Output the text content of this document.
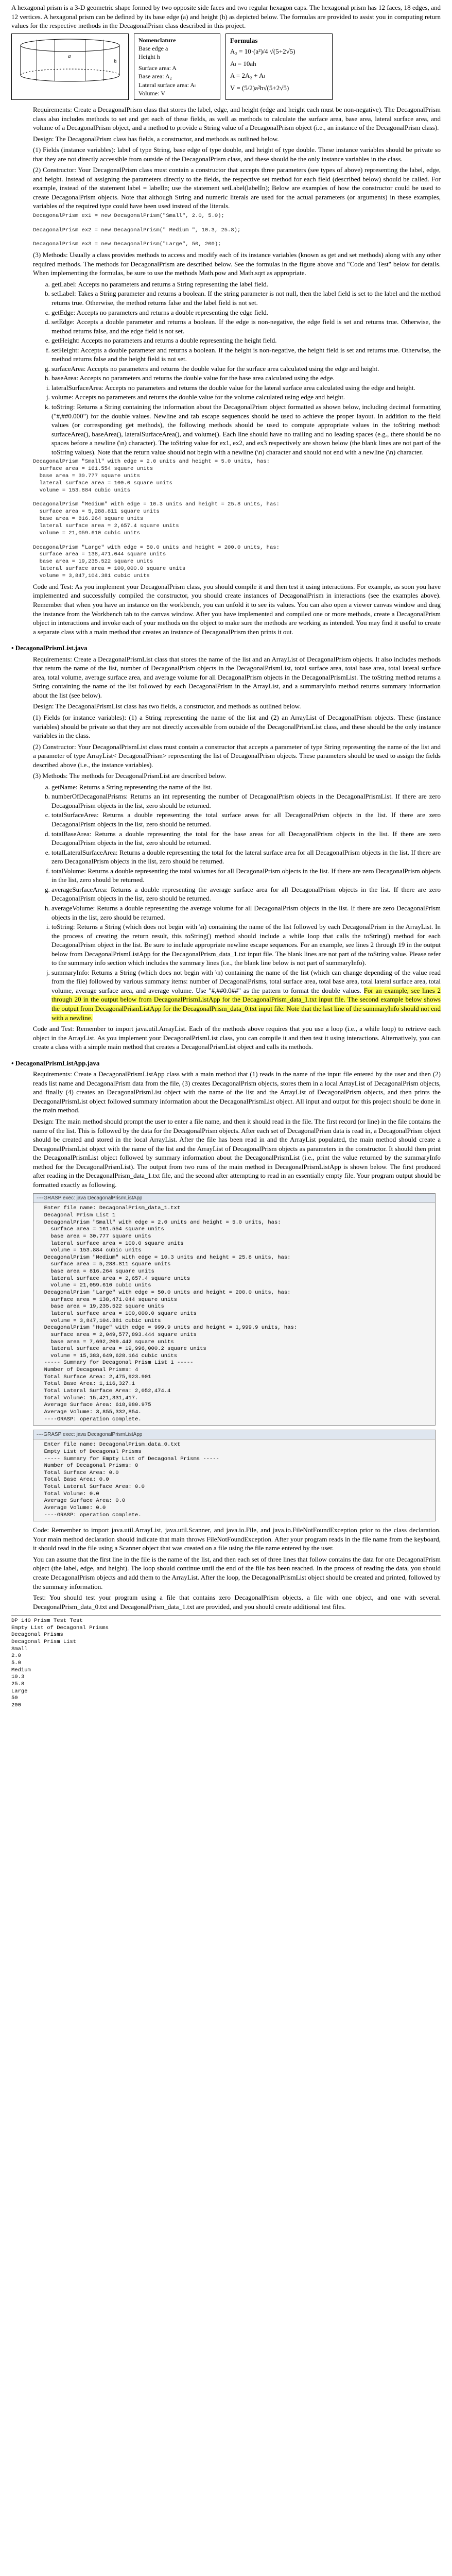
A hexagonal prism is a 3-D geometric shape formed by two opposite side faces and two regular hexagon caps. The hexagonal prism has 12 faces, 18 edges, and 12 vertices. A hexagonal prism can be defined by its base edge (a) and height (h) as depicted below. The formulas are provided to assist you in computing return values for the respective methods in the DecagonalPrism class described in this project.

a
h
Nomenclature
Base edge a
Height h
Surface area: A
Base area: A₂
Lateral surface area: Aₗ
Volume: V
Formulas
A₂ = 10·(a²)/4 √(5+2√5)
Aₗ = 10ah
A = 2A₂ + Aₗ
V = (5/2)a²h√(5+2√5)

Requirements: Create a DecagonalPrism class that stores the label, edge, and height (edge and height each must be non-negative). The DecagonalPrism class also includes methods to set and get each of these fields, as well as methods to calculate the surface area, base area, lateral surface area, and volume of a DecagonalPrism object, and a method to provide a String value of a DecagonalPrism object (i.e., an instance of the DecagonalPrism class).

Design: The DecagonalPrism class has fields, a constructor, and methods as outlined below.

(1) Fields (instance variables): label of type String, base edge of type double, and height of type double. These instance variables should be private so that they are not directly accessible from outside of the DecagonalPrism class, and these should be the only instance variables in the class.

(2) Constructor: Your DecagonalPrism class must contain a constructor that accepts three parameters (see types of above) representing the label, edge, and height. Instead of assigning the parameters directly to the fields, the respective set method for each field (described below) should be called. For example, instead of the statement label = labelIn; use the statement setLabel(labelIn); Below are examples of how the constructor could be used to create DecagonalPrism objects. Note that although String and numeric literals are used for the actual parameters (or arguments) in these examples, variables of the required type could have been used instead of the literals.

DecagonalPrism ex1 = new DecagonalPrism("Small", 2.0, 5.0);

DecagonalPrism ex2 = new DecagonalPrism(" Medium ", 10.3, 25.8);

DecagonalPrism ex3 = new DecagonalPrism("Large", 50, 200);

(3) Methods: Usually a class provides methods to access and modify each of its instance variables (known as get and set methods) along with any other required methods. The methods for DecagonalPrism are described below. See the formulas in the figure above and "Code and Test" below for details. When implementing the formulas, be sure to use the methods Math.pow and Math.sqrt as appropriate.

a. getLabel: Accepts no parameters and returns a String representing the label field.
b. setLabel: Takes a String parameter and returns a boolean. If the string parameter is not null, then the label field is set to the label and the method returns true. Otherwise, the method returns false and the label field is not set.
c. getEdge: Accepts no parameters and returns a double representing the edge field.
d. setEdge: Accepts a double parameter and returns a boolean. If the edge is non-negative, the edge field is set and returns true. Otherwise, the method returns false, and the edge field is not set.
e. getHeight: Accepts no parameters and returns a double representing the height field.
f. setHeight: Accepts a double parameter and returns a boolean. If the height is non-negative, the height field is set and returns true. Otherwise, the method returns false and the height field is not set.
g. surfaceArea: Accepts no parameters and returns the double value for the surface area calculated using the edge and height.
h. baseArea: Accepts no parameters and returns the double value for the base area calculated using the edge.
i. lateralSurfaceArea: Accepts no parameters and returns the double value for the lateral surface area calculated using the edge and height.
j. volume: Accepts no parameters and returns the double value for the volume calculated using edge and height.
k. toString: Returns a String containing the information about the DecagonalPrism object formatted as shown below, including decimal formatting ("#,##0.000") for the double values. Newline and tab escape sequences should be used to achieve the proper layout. In addition to the field values (or corresponding get methods), the following methods should be used to compute appropriate values in the toString method: surfaceArea(), baseArea(), lateralSurfaceArea(), and volume(). Each line should have no trailing and no leading spaces (e.g., there should be no spaces before a newline (\n) character). The toString value for ex1, ex2, and ex3 respectively are shown below (the blank lines are not part of the toString values). Note that the return value should not begin with a newline (\n) character and should not end with a newline (\n) character.
DecagonalPrism "Small" with edge = 2.0 units and height = 5.0 units, has:
surface area = 161.554 square units
base area = 30.777 square units
lateral surface area = 100.0 square units
volume = 153.884 cubic units

DecagonalPrism "Medium" with edge = 10.3 units and height = 25.8 units, has:
surface area = 5,288.811 square units
base area = 816.264 square units
lateral surface area = 2,657.4 square units
volume = 21,059.610 cubic units

DecagonalPrism "Large" with edge = 50.0 units and height = 200.0 units, has:
surface area = 138,471.044 square units
base area = 19,235.522 square units
lateral surface area = 100,000.0 square units
volume = 3,847,104.381 cubic units

Code and Test: As you implement your DecagonalPrism class, you should compile it and then test it using interactions. For example, as soon you have implemented and successfully compiled the constructor, you should create instances of DecagonalPrism in interactions (see the examples above). Remember that when you have an instance on the workbench, you can unfold it to see its values. You can also open a viewer canvas window and drag the instance from the Workbench tab to the canvas window. After you have implemented and compiled one or more methods, create a DecagonalPrism object in interactions and invoke each of your methods on the object to make sure the methods are working as intended. You may find it useful to create a separate class with a main method that creates an instance of DecagonalPrism then prints it out.

• DecagonalPrismList.java

Requirements: Create a DecagonalPrismList class that stores the name of the list and an ArrayList of DecagonalPrism objects. It also includes methods that return the name of the list, number of DecagonalPrism objects in the DecagonalPrismList, total surface area, total base area, total lateral surface area, total volume, average surface area, and average volume for all DecagonalPrism objects in the DecagonalPrismList. The toString method returns a String containing the name of the list followed by each DecagonalPrism in the ArrayList, and a summaryInfo method returns summary information about the list (see below).

Design: The DecagonalPrismList class has two fields, a constructor, and methods as outlined below.

(1) Fields (or instance variables): (1) a String representing the name of the list and (2) an ArrayList of DecagonalPrism objects. These (instance variables) should be private so that they are not directly accessible from outside of the DecagonalPrismList class, and these should be the only instance variables in the class.

(2) Constructor: Your DecagonalPrismList class must contain a constructor that accepts a parameter of type String representing the name of the list and a parameter of type ArrayList< DecagonalPrism> representing the list of DecagonalPrism objects. These parameters should be used to assign the fields described above (i.e., the instance variables).

(3) Methods: The methods for DecagonalPrismList are described below.

a. getName: Returns a String representing the name of the list.
b. numberOfDecagonalPrisms: Returns an int representing the number of DecagonalPrism objects in the DecagonalPrismList. If there are zero DecagonalPrism objects in the list, zero should be returned.
c. totalSurfaceArea: Returns a double representing the total surface areas for all DecagonalPrism objects in the list. If there are zero DecagonalPrism objects in the list, zero should be returned.
d. totalBaseArea: Returns a double representing the total for the base areas for all DecagonalPrism objects in the list. If there are zero DecagonalPrism objects in the list, zero should be returned.
e. totalLateralSurfaceArea: Returns a double representing the total for the lateral surface area for all DecagonalPrism objects in the list. If there are zero DecagonalPrism objects in the list, zero should be returned.
f. totalVolume: Returns a double representing the total volumes for all DecagonalPrism objects in the list. If there are zero DecagonalPrism objects in the list, zero should be returned.
g. averageSurfaceArea: Returns a double representing the average surface area for all DecagonalPrism objects in the list. If there are zero DecagonalPrism objects in the list, zero should be returned.
h. averageVolume: Returns a double representing the average volume for all DecagonalPrism objects in the list. If there are zero DecagonalPrism objects in the list, zero should be returned.
i. toString: Returns a String (which does not begin with \n) containing the name of the list followed by each DecagonalPrism in the ArrayList. In the process of creating the return result, this toString() method should include a while loop that calls the toString() method for each DecagonalPrism object in the list. Be sure to include appropriate newline escape sequences. For an example, see lines 2 through 19 in the output below from DecagonalPrismListApp for the DecagonalPrism_data_1.txt input file. The blank lines are not part of the toString value. Please refer to the summary info section which includes the summary lines (i.e., the blank line below is not part of summaryInfo).
j. summaryInfo: Returns a String (which does not begin with \n) containing the name of the list (which can change depending of the value read from the file) followed by various summary items: number of DecagonalPrisms, total surface area, total base area, total lateral surface area, total volume, average surface area, and average volume. Use "#,##0.0##" as the pattern to format the double values. For an example, see lines 2 through 20 in the output below from DecagonalPrismListApp for the DecagonalPrism_data_1.txt input file. The second example below shows the output from DecagonalPrismListApp for the DecagonalPrism_data_0.txt input file. Note that the last line of the summaryInfo should not end with a newline.

Code and Test: Remember to import java.util.ArrayList. Each of the methods above requires that you use a loop (i.e., a while loop) to retrieve each object in the ArrayList. As you implement your DecagonalPrismList class, you can compile it and then test it using interactions. Alternatively, you can create a class with a simple main method that creates a DecagonalPrismList object and calls its methods.

• DecagonalPrismListApp.java

Requirements: Create a DecagonalPrismListApp class with a main method that (1) reads in the name of the input file entered by the user and then (2) reads list name and DecagonalPrism data from the file, (3) creates DecagonalPrism objects, stores them in a local ArrayList of DecagonalPrism objects, and finally (4) creates an DecagonalPrismList object with the name of the list and the ArrayList of DecagonalPrism objects, and then prints the DecagonalPrismList object followed summary information about the DecagonalPrismList object. All input and output for this project should be done in the main method.

Design: The main method should prompt the user to enter a file name, and then it should read in the file. The first record (or line) in the file contains the name of the list. This is followed by the data for the DecagonalPrism objects. After each set of DecagonalPrism data is read in, a DecagonalPrism object should be created and stored in the local ArrayList. After the file has been read in and the ArrayList populated, the main method should create a DecagonalPrismList object with the name of the list and the ArrayList of DecagonalPrism objects as parameters in the constructor. It should then print the DecagonalPrismList object followed by summary information about the DecagonalPrismList (i.e., print the value returned by the summaryInfo method for the DecagonalPrismList). The output from two runs of the main method in DecagonalPrismListApp is shown below. The first produced after reading in the DecagonalPrism_data_1.txt file, and the second after attempting to read in an essentially empty file. Your program output should be formatted exactly as following.

----GRASP exec: java DecagonalPrismListApp
Enter file name: DecagonalPrism_data_1.txt
Decagonal Prism List 1
DecagonalPrism "Small" with edge = 2.0 units and height = 5.0 units, has:
surface area = 161.554 square units
base area = 30.777 square units
lateral surface area = 100.0 square units
volume = 153.884 cubic units
DecagonalPrism "Medium" with edge = 10.3 units and height = 25.8 units, has:
surface area = 5,288.811 square units
base area = 816.264 square units
lateral surface area = 2,657.4 square units
volume = 21,059.610 cubic units
DecagonalPrism "Large" with edge = 50.0 units and height = 200.0 units, has:
surface area = 138,471.044 square units
base area = 19,235.522 square units
lateral surface area = 100,000.0 square units
volume = 3,847,104.381 cubic units
DecagonalPrism "Huge" with edge = 999.9 units and height = 1,999.9 units, has:
surface area = 2,049,577,893.444 square units
base area = 7,692,209.442 square units
lateral surface area = 19,996,000.2 square units
volume = 15,383,649,628.164 cubic units
----- Summary for Decagonal Prism List 1 -----
Number of Decagonal Prisms: 4
Total Surface Area: 2,475,923.901
Total Base Area: 1,116,327.1
Total Lateral Surface Area: 2,052,474.4
Total Volume: 15,421,331,417.
Average Surface Area: 618,980.975
Average Volume: 3,855,332,854.
----GRASP: operation complete.
----GRASP exec: java DecagonalPrismListApp
Enter file name: DecagonalPrism_data_0.txt
Empty List of Decagonal Prisms
----- Summary for Empty List of Decagonal Prisms -----
Number of Decagonal Prisms: 0
Total Surface Area: 0.0
Total Base Area: 0.0
Total Lateral Surface Area: 0.0
Total Volume: 0.0
Average Surface Area: 0.0
Average Volume: 0.0
----GRASP: operation complete.

Code: Remember to import java.util.ArrayList, java.util.Scanner, and java.io.File, and java.io.FileNotFoundException prior to the class declaration. Your main method declaration should indicate that main throws FileNotFoundException. After your program reads in the file name from the keyboard, it should read in the file using a Scanner object that was created on a file using the file name entered by the user.

You can assume that the first line in the file is the name of the list, and then each set of three lines that follow contains the data for one DecagonalPrism object (the label, edge, and height). The loop should continue until the end of the file has been reached. In the process of reading the data, you should create DecagonalPrism objects and add them to the ArrayList. After the loop, the DecagonalPrismList object should be created and printed, followed by the summary information.

Test: You should test your program using a file that contains zero DecagonalPrism objects, a file with one object, and one with several. DecagonalPrism_data_0.txt and DecagonalPrism_data_1.txt are provided, and you should create additional test files.

DP 140 Prism Test Test
Empty List of Decagonal Prisms
Decagonal Prisms
Decagonal Prism List
Small
2.0
5.0
Medium
10.3
25.8
Large
50
200
